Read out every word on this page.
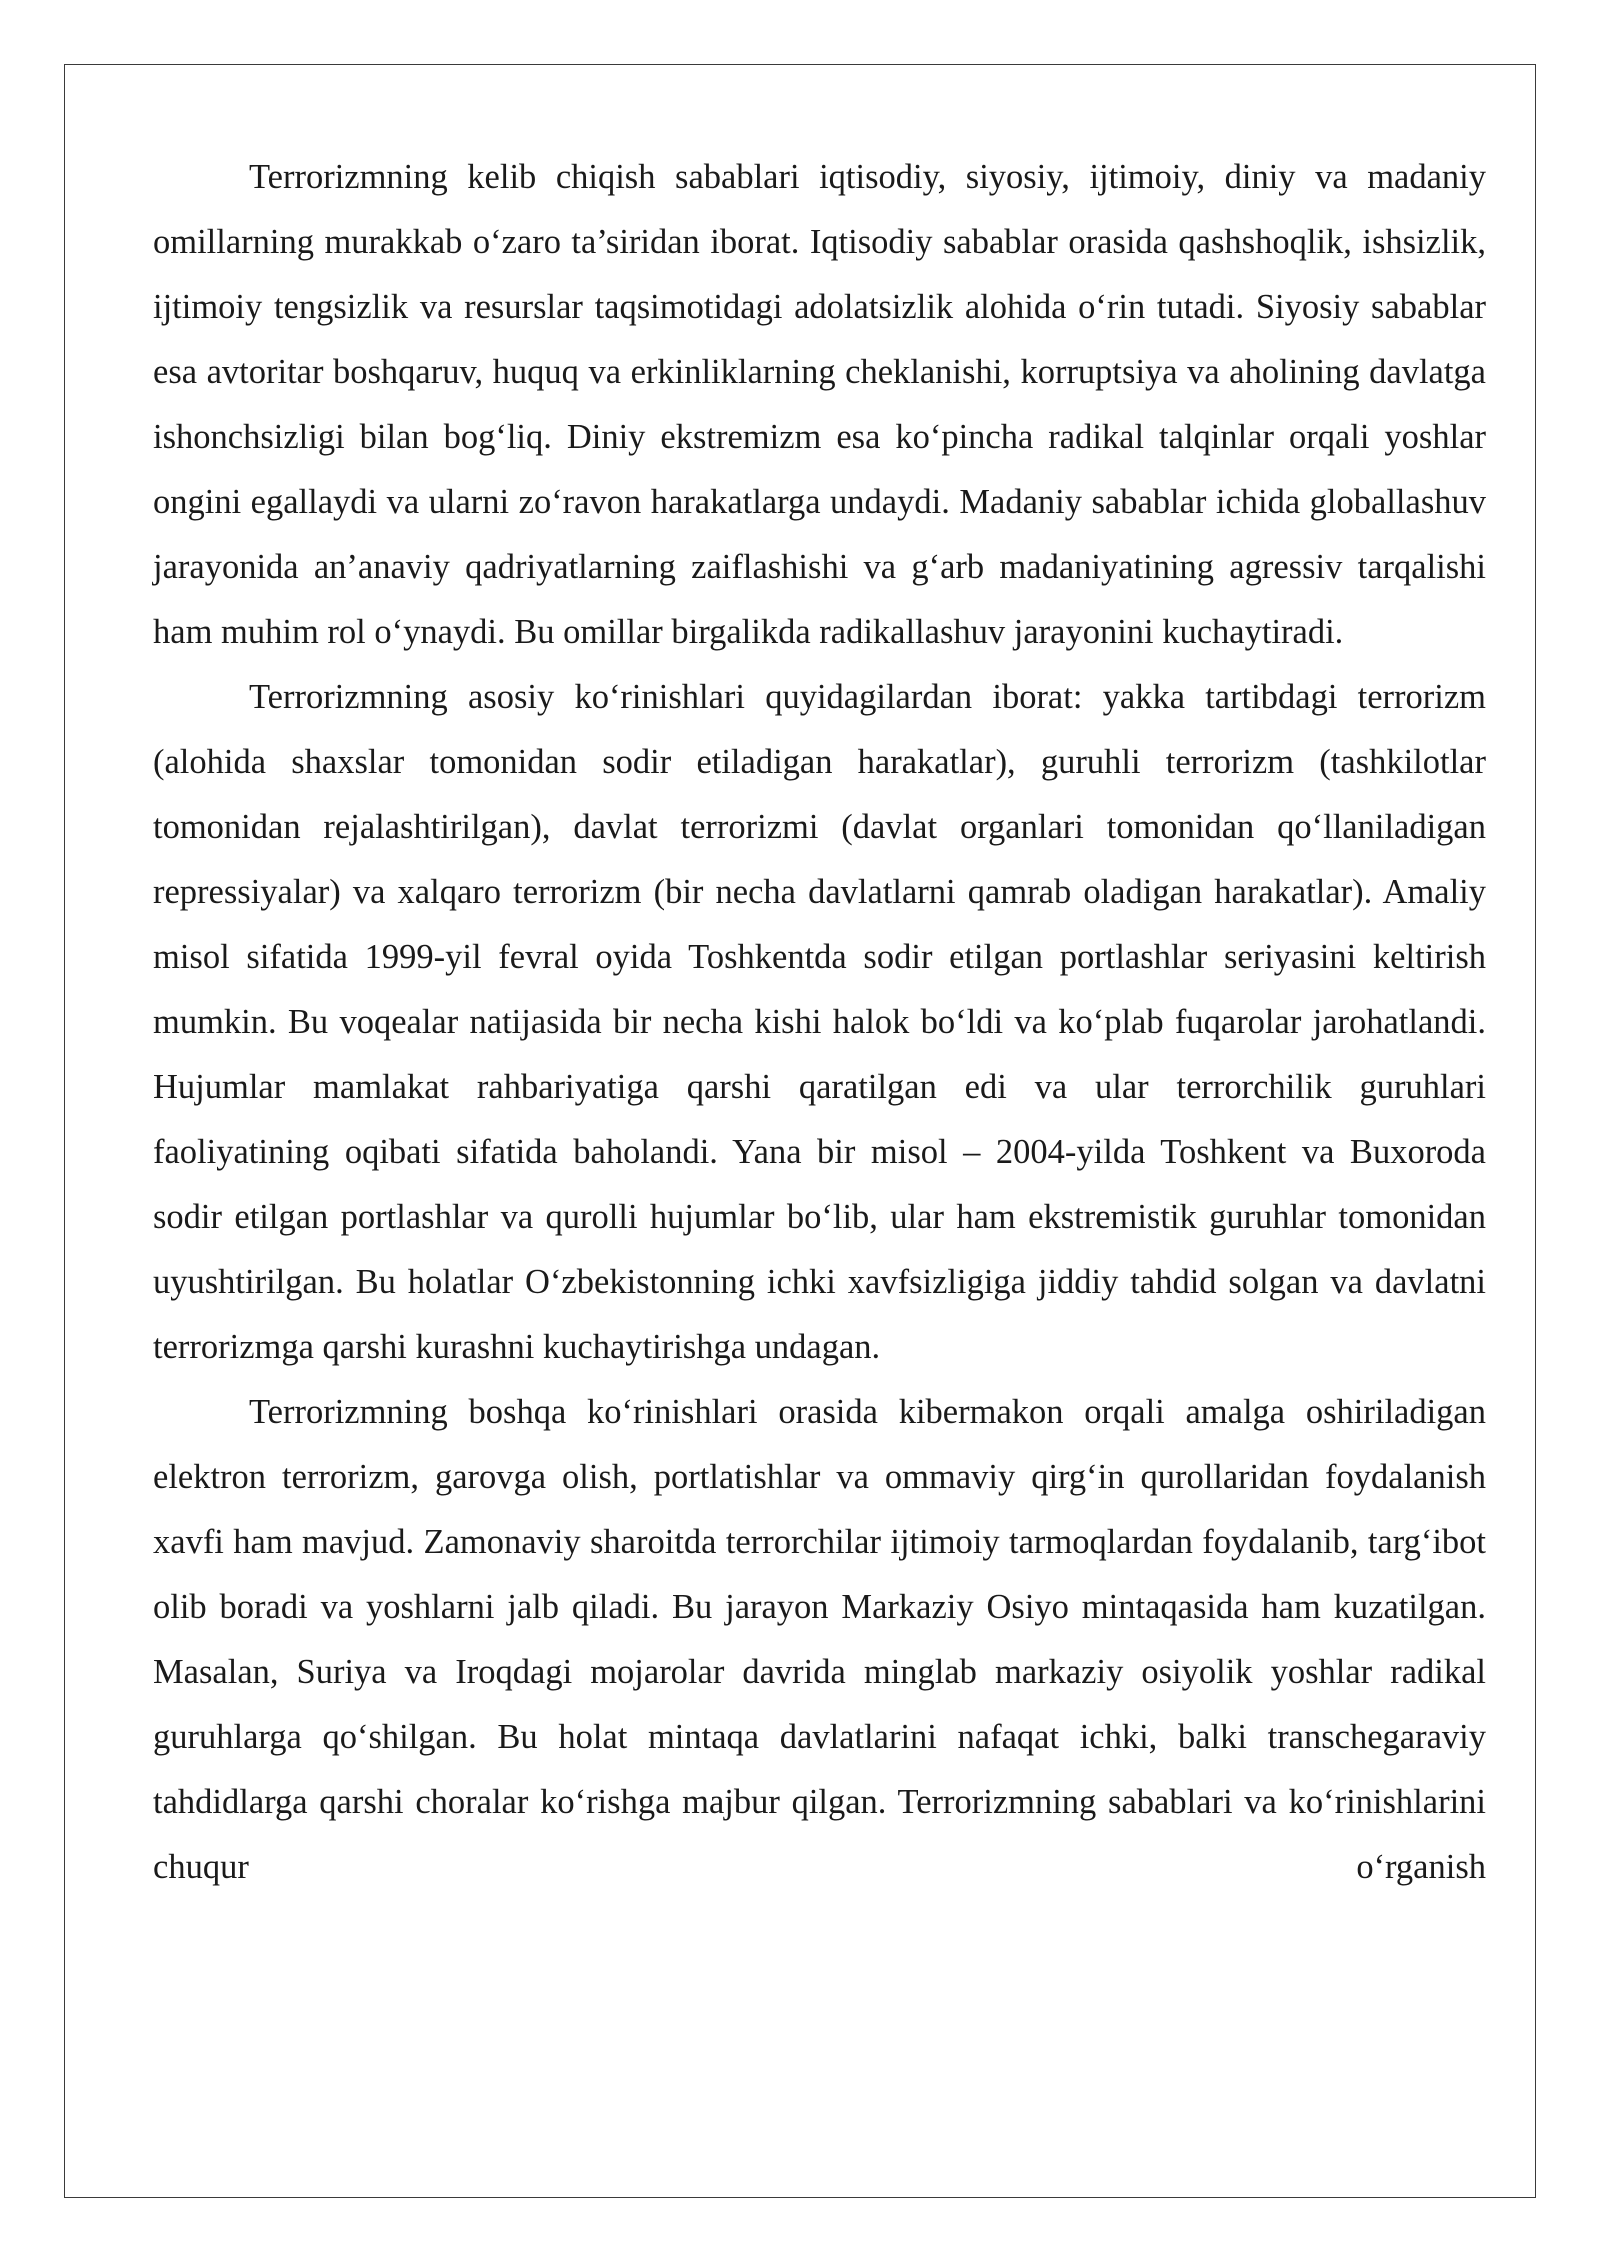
Terrorizmning kelib chiqish sabablari iqtisodiy, siyosiy, ijtimoiy, diniy va madaniy omillarning murakkab o‘zaro ta’siridan iborat. Iqtisodiy sabablar orasida qashshoqlik, ishsizlik, ijtimoiy tengsizlik va resurslar taqsimotidagi adolatsizlik alohida o‘rin tutadi. Siyosiy sabablar esa avtoritar boshqaruv, huquq va erkinliklarning cheklanishi, korruptsiya va aholining davlatga ishonchsizligi bilan bog‘liq. Diniy ekstremizm esa ko‘pincha radikal talqinlar orqali yoshlar ongini egallaydi va ularni zo‘ravon harakatlarga undaydi. Madaniy sabablar ichida globallashuv jarayonida an’anaviy qadriyatlarning zaiflashishi va g‘arb madaniyatining agressiv tarqalishi ham muhim rol o‘ynaydi. Bu omillar birgalikda radikallashuv jarayonini kuchaytiradi.

Terrorizmning asosiy ko‘rinishlari quyidagilardan iborat: yakka tartibdagi terrorizm (alohida shaxslar tomonidan sodir etiladigan harakatlar), guruhli terrorizm (tashkilotlar tomonidan rejalashtirilgan), davlat terrorizmi (davlat organlari tomonidan qo‘llaniladigan repressiyalar) va xalqaro terrorizm (bir necha davlatlarni qamrab oladigan harakatlar). Amaliy misol sifatida 1999-yil fevral oyida Toshkentda sodir etilgan portlashlar seriyasini keltirish mumkin. Bu voqealar natijasida bir necha kishi halok bo‘ldi va ko‘plab fuqarolar jarohatlandi. Hujumlar mamlakat rahbariyatiga qarshi qaratilgan edi va ular terrorchilik guruhlari faoliyatining oqibati sifatida baholandi. Yana bir misol – 2004-yilda Toshkent va Buxoroda sodir etilgan portlashlar va qurolli hujumlar bo‘lib, ular ham ekstremistik guruhlar tomonidan uyushtirilgan. Bu holatlar O‘zbekistonning ichki xavfsizligiga jiddiy tahdid solgan va davlatni terrorizmga qarshi kurashni kuchaytirishga undagan.

Terrorizmning boshqa ko‘rinishlari orasida kibermakon orqali amalga oshiriladigan elektron terrorizm, garovga olish, portlatishlar va ommaviy qirg‘in qurollaridan foydalanish xavfi ham mavjud. Zamonaviy sharoitda terrorchilar ijtimoiy tarmoqlardan foydalanib, targ‘ibot olib boradi va yoshlarni jalb qiladi. Bu jarayon Markaziy Osiyo mintaqasida ham kuzatilgan. Masalan, Suriya va Iroqdagi mojarolar davrida minglab markaziy osiyolik yoshlar radikal guruhlarga qo‘shilgan. Bu holat mintaqa davlatlarini nafaqat ichki, balki transchegaraviy tahdidlarga qarshi choralar ko‘rishga majbur qilgan. Terrorizmning sabablari va ko‘rinishlarini chuqur o‘rganish
